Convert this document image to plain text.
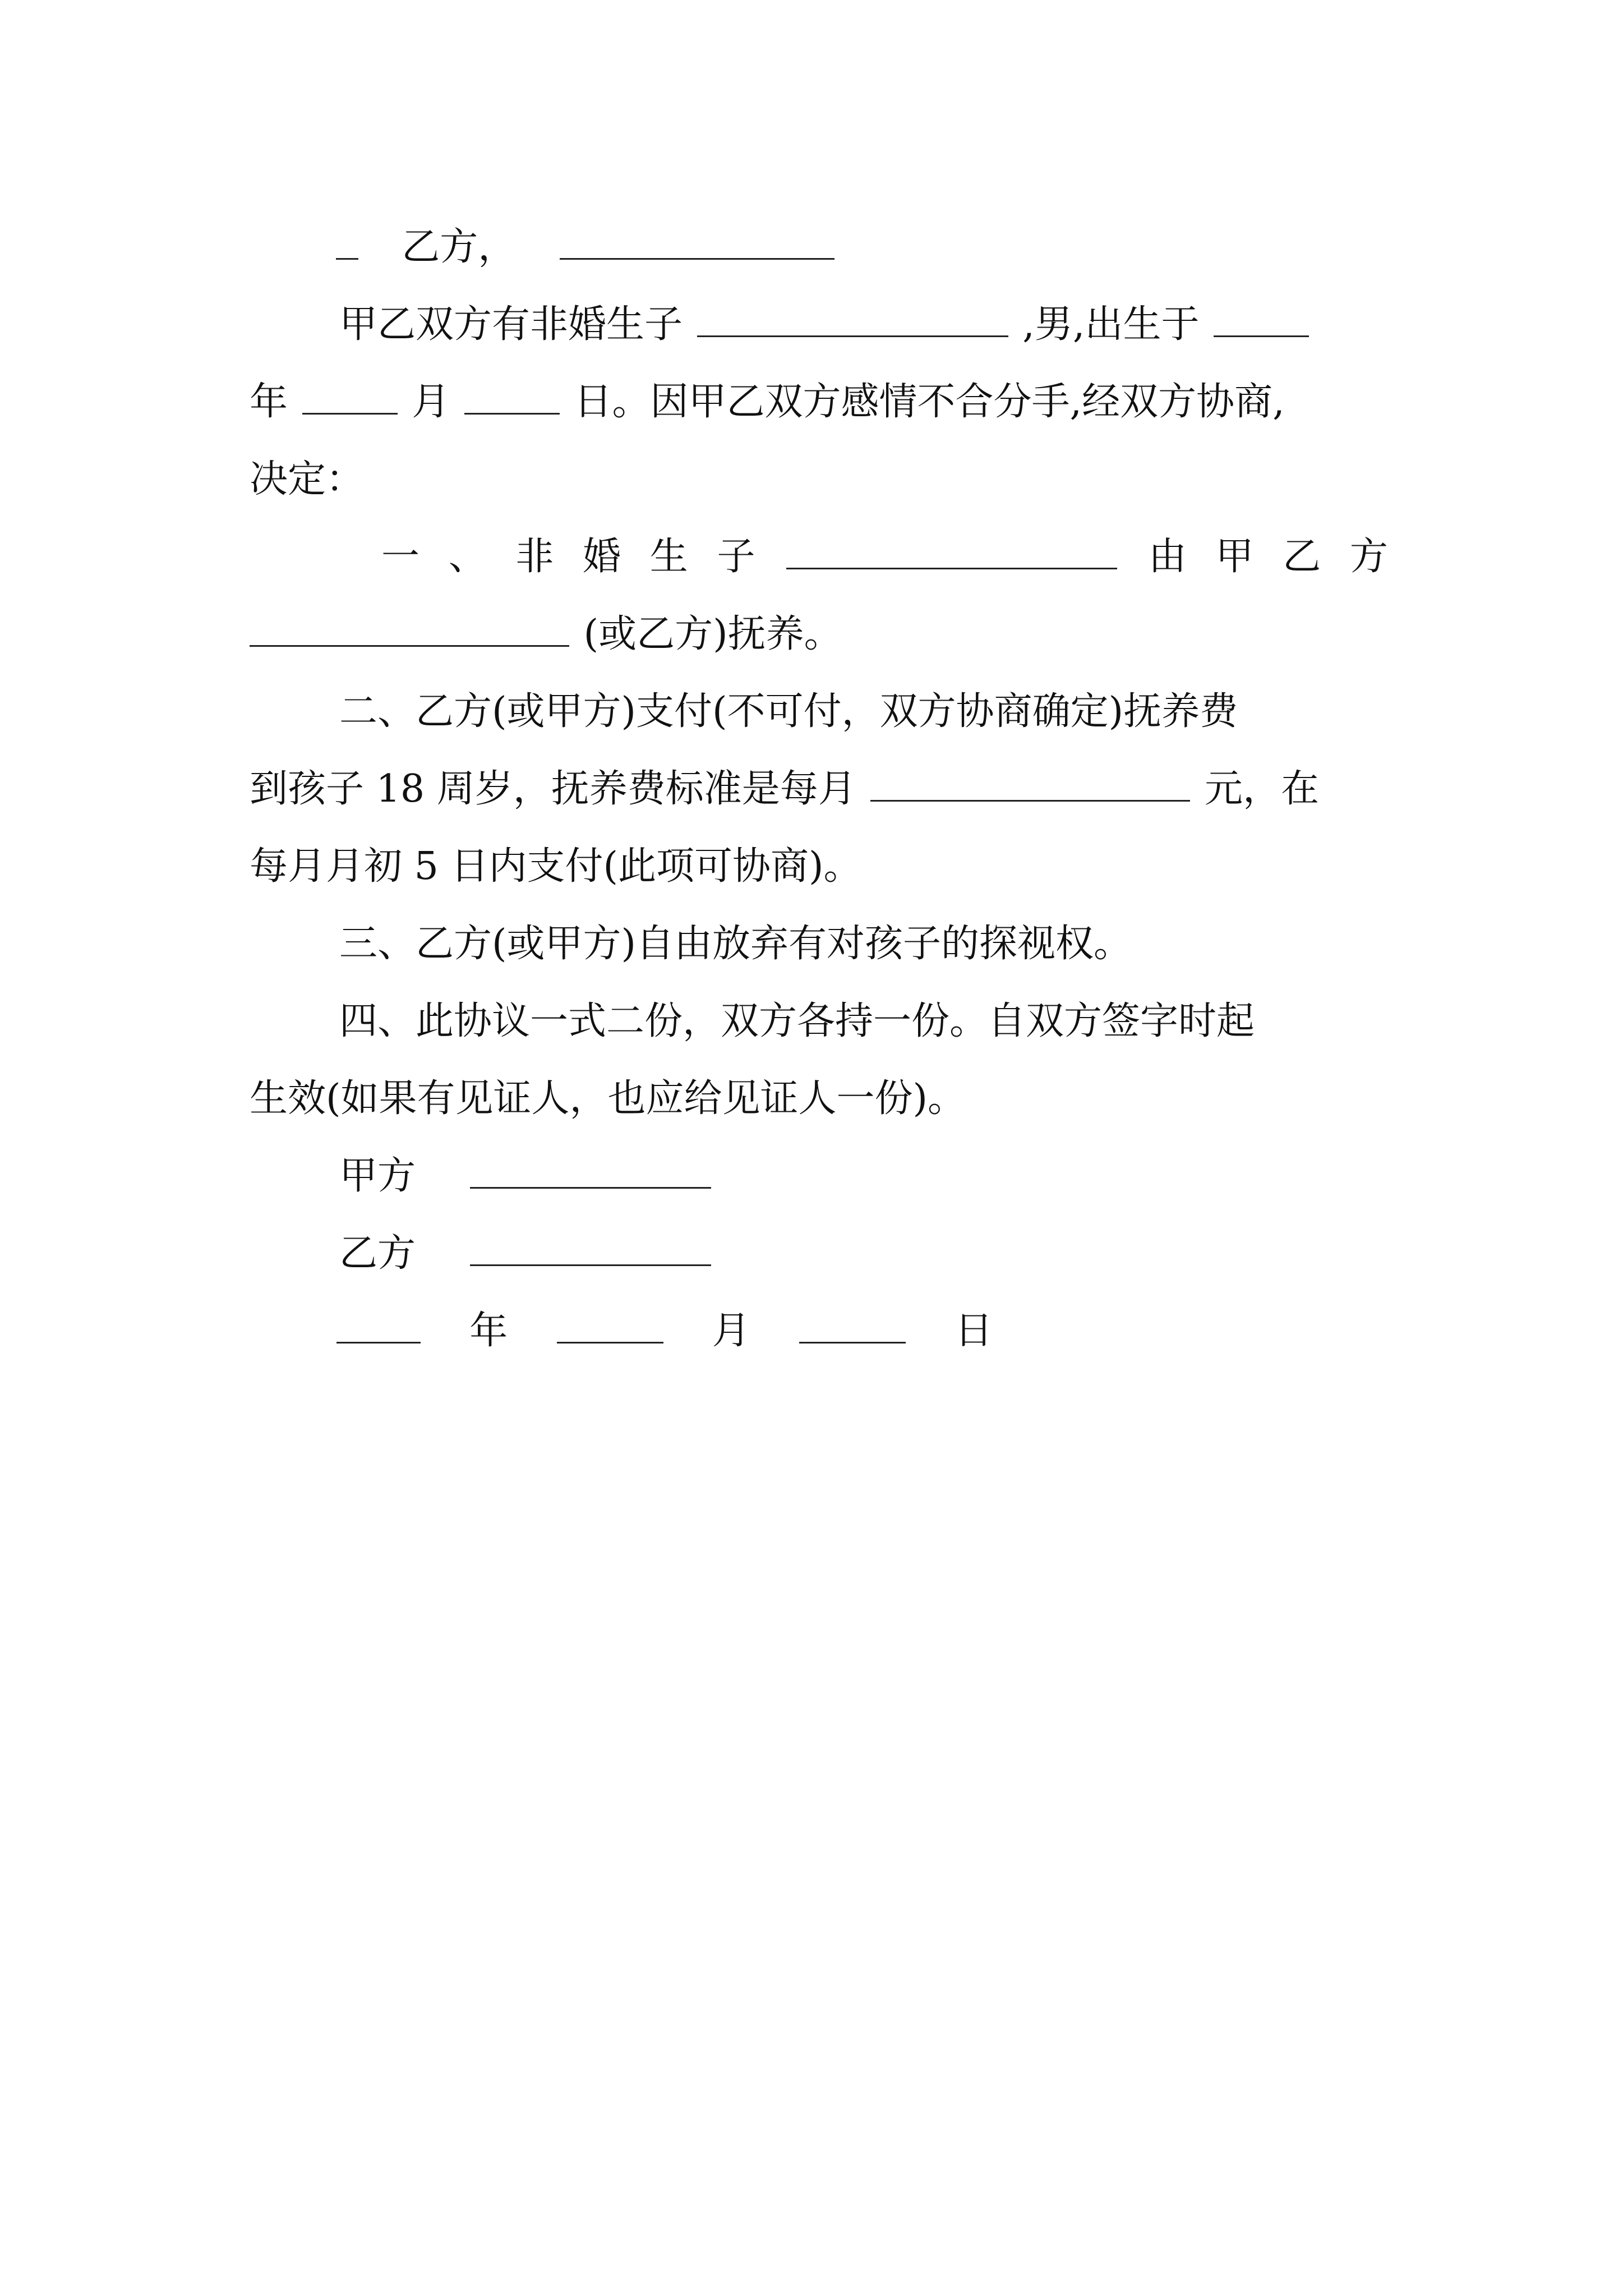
乙方，
甲乙双方有非婚生子	,男,出生于
年	月	日。因甲乙双方感情不合分手,经双方协商,
决定：
一 、 非 婚 生 子	由 甲 乙 方
(或乙方)抚养。
二、乙方(或甲方)支付(不可付，双方协商确定)抚养费
到孩子 18 周岁，抚养费标准是每月	元，在
每月月初 5 日内支付(此项可协商)。
三、乙方(或甲方)自由放弃有对孩子的探视权。
四、此协议一式二份，双方各持一份。自双方签字时起
生效(如果有见证人，也应给见证人一份)。
甲方
乙方
年	月	日
